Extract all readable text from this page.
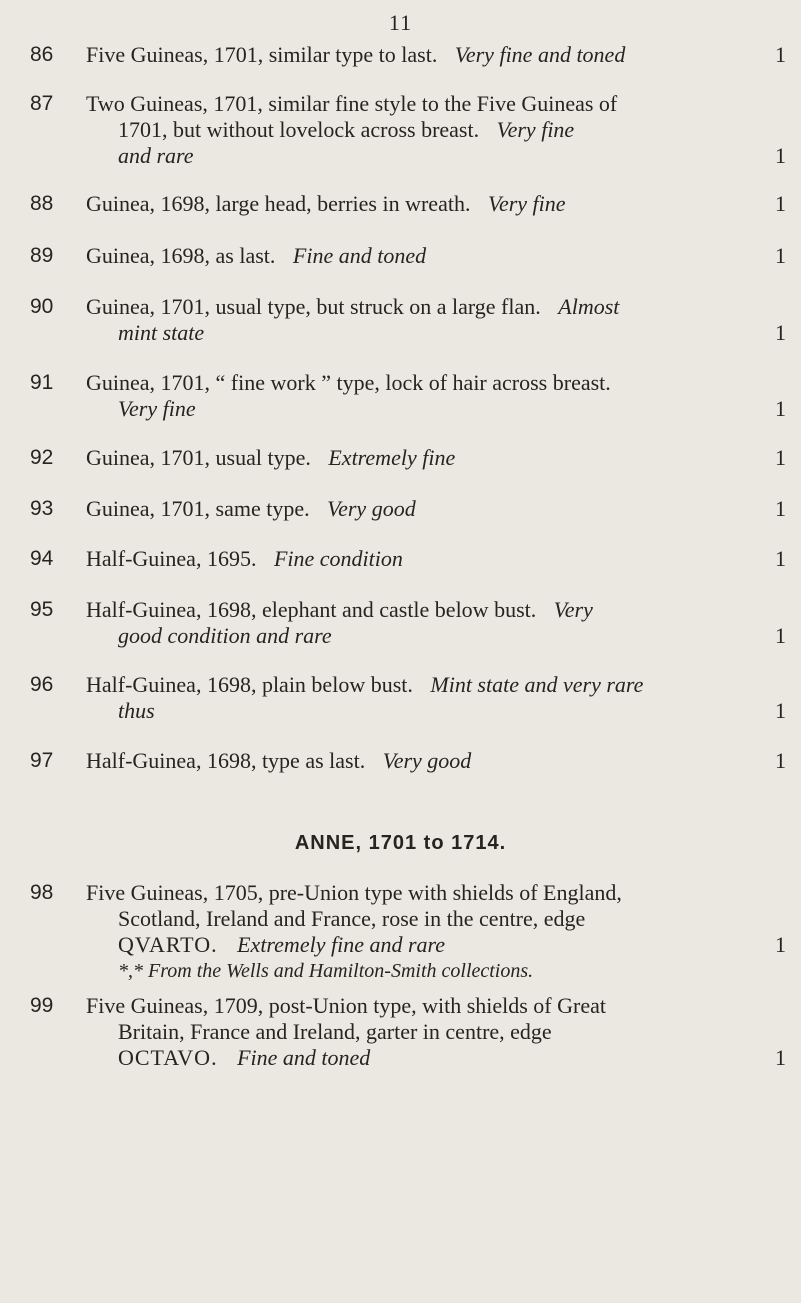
11
86 Five Guineas, 1701, similar type to last. Very fine and toned	1
87 Two Guineas, 1701, similar fine style to the Five Guineas of
1701, but without lovelock across breast. Very fine
and rare	1
88 Guinea, 1698, large head, berries in wreath. Very fine	1
89 Guinea, 1698, as last. Fine and toned	1
90 Guinea, 1701, usual type, but struck on a large flan. Almost
mint state	1
91 Guinea, 1701, “ fine work ” type, lock of hair across breast.
Very fine	1
92 Guinea, 1701, usual type. Extremely fine	1
93 Guinea, 1701, same type. Very good	1
94 Half-Guinea, 1695. Fine condition	1
95 Half-Guinea, 1698, elephant and castle below bust. Very
good condition and rare	1
96 Half-Guinea, 1698, plain below bust. Mint state and very rare
thus	1
97 Half-Guinea, 1698, type as last. Very good	1
ANNE, 1701 to 1714.
98 Five Guineas, 1705, pre-Union type with shields of England,
Scotland, Ireland and France, rose in the centre, edge
QVARTO. Extremely fine and rare	1
*,* From the Wells and Hamilton-Smith collections.
99 Five Guineas, 1709, post-Union type, with shields of Great
Britain, France and Ireland, garter in centre, edge
OCTAVO. Fine and toned	1
